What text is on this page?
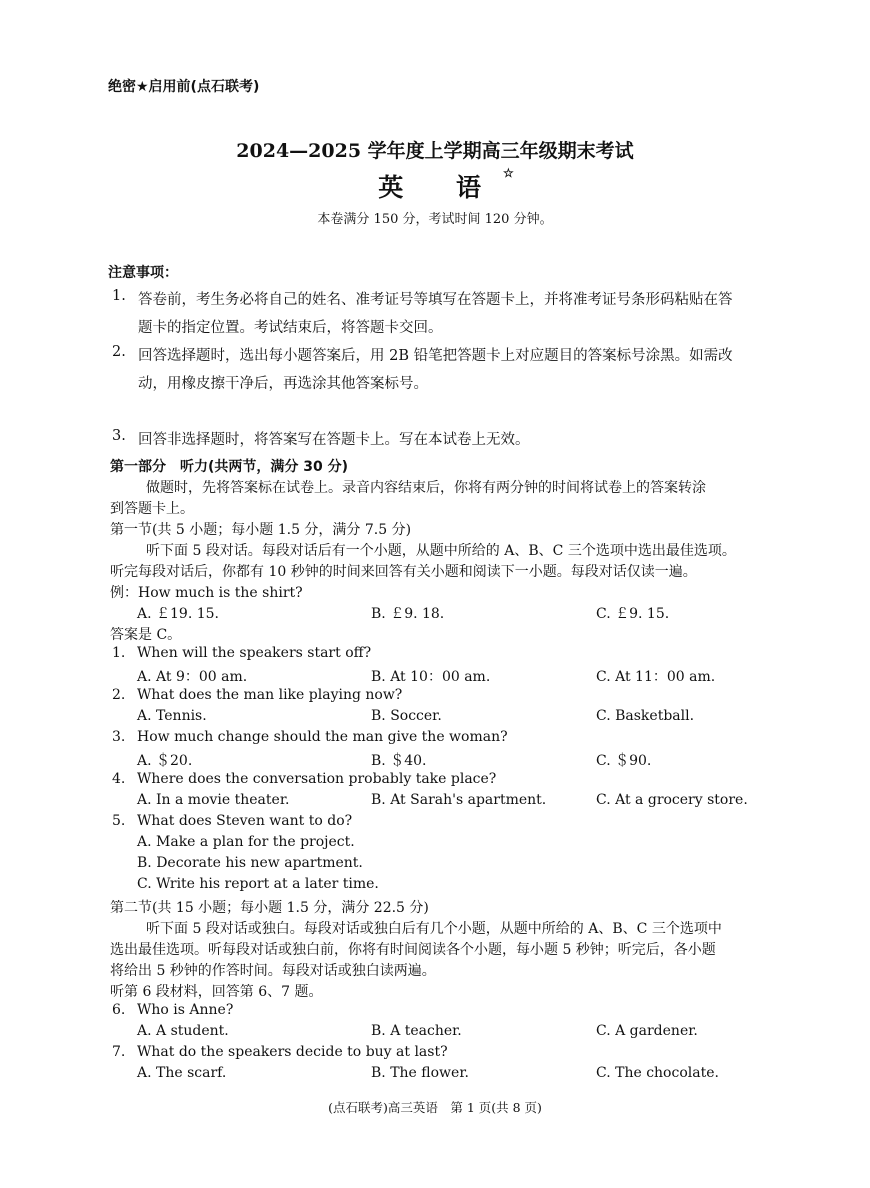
绝密★启用前(点石联考)
2024—2025 学年度上学期高三年级期末考试
英 语☆
本卷满分 150 分，考试时间 120 分钟。
注意事项：
1. 答卷前，考生务必将自己的姓名、准考证号等填写在答题卡上，并将准考证号条形码粘贴在答
题卡的指定位置。考试结束后，将答题卡交回。
2. 回答选择题时，选出每小题答案后，用 2B 铅笔把答题卡上对应题目的答案标号涂黑。如需改
动，用橡皮擦干净后，再选涂其他答案标号。
3. 回答非选择题时，将答案写在答题卡上。写在本试卷上无效。
第一部分　听力(共两节，满分 30 分)
做题时，先将答案标在试卷上。录音内容结束后，你将有两分钟的时间将试卷上的答案转涂
到答题卡上。
第一节(共 5 小题；每小题 1.5 分，满分 7.5 分)
听下面 5 段对话。每段对话后有一个小题，从题中所给的 A、B、C 三个选项中选出最佳选项。
听完每段对话后，你都有 10 秒钟的时间来回答有关小题和阅读下一小题。每段对话仅读一遍。
例：How much is the shirt?
A. ￡19. 15.	B. ￡9. 18.	C. ￡9. 15.
答案是 C。
1. When will the speakers start off?
A. At 9：00 am.	B. At 10：00 am.	C. At 11：00 am.
2. What does the man like playing now?
A. Tennis.	B. Soccer.	C. Basketball.
3. How much change should the man give the woman?
A. ＄20.	B. ＄40.	C. ＄90.
4. Where does the conversation probably take place?
A. In a movie theater.	B. At Sarah's apartment.	C. At a grocery store.
5. What does Steven want to do?
A. Make a plan for the project.
B. Decorate his new apartment.
C. Write his report at a later time.
第二节(共 15 小题；每小题 1.5 分，满分 22.5 分)
听下面 5 段对话或独白。每段对话或独白后有几个小题，从题中所给的 A、B、C 三个选项中
选出最佳选项。听每段对话或独白前，你将有时间阅读各个小题，每小题 5 秒钟；听完后，各小题
将给出 5 秒钟的作答时间。每段对话或独白读两遍。
听第 6 段材料，回答第 6、7 题。
6. Who is Anne?
A. A student.	B. A teacher.	C. A gardener.
7. What do the speakers decide to buy at last?
A. The scarf.	B. The flower.	C. The chocolate.
(点石联考)高三英语　第 1 页(共 8 页)
